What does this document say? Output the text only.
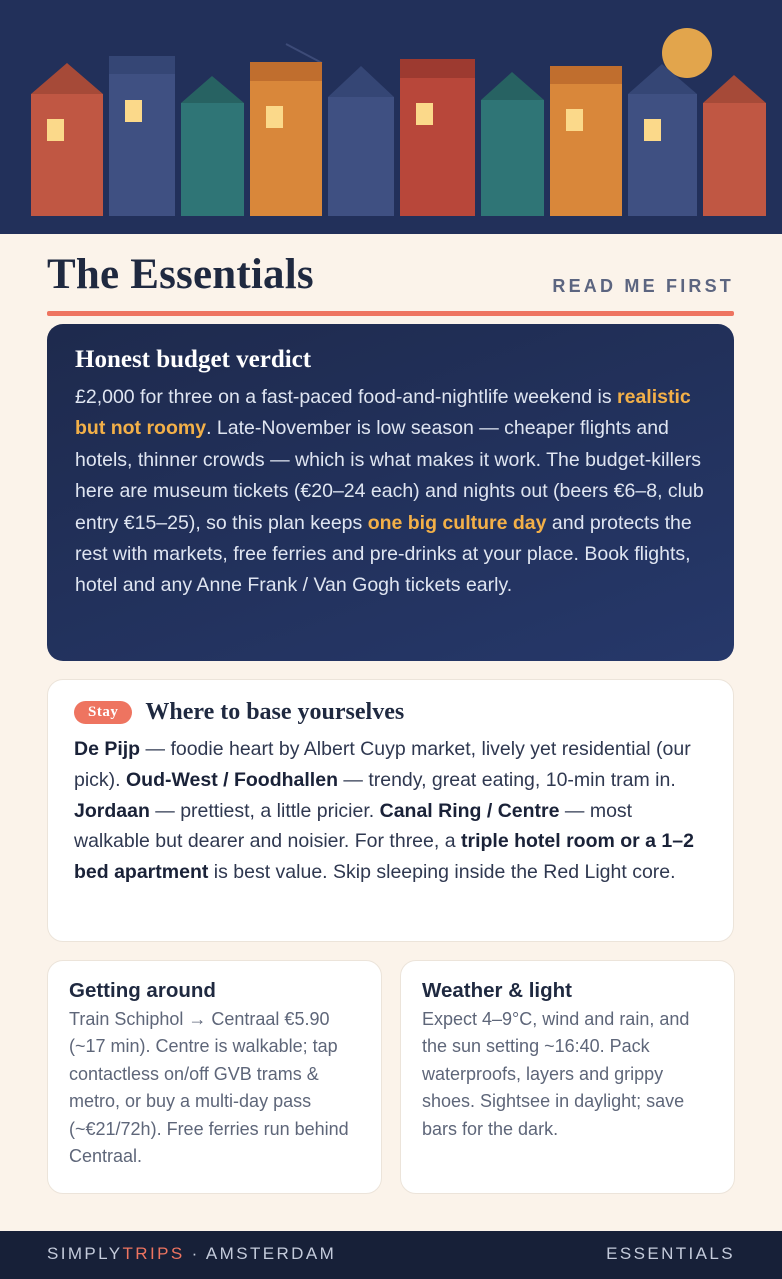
The Essentials	READ ME FIRST
Honest budget verdict

£2,000 for three on a fast-paced food-and-nightlife weekend is realistic but not roomy. Late-November is low season — cheaper flights and hotels, thinner crowds — which is what makes it work. The budget-killers here are museum tickets (€20–24 each) and nights out (beers €6–8, club entry €15–25), so this plan keeps one big culture day and protects the rest with markets, free ferries and pre-drinks at your place. Book flights, hotel and any Anne Frank / Van Gogh tickets early.

Stay	Where to base yourselves

De Pijp — foodie heart by Albert Cuyp market, lively yet residential (our pick). Oud-West / Foodhallen — trendy, great eating, 10-min tram in. Jordaan — prettiest, a little pricier. Canal Ring / Centre — most walkable but dearer and noisier. For three, a triple hotel room or a 1–2 bed apartment is best value. Skip sleeping inside the Red Light core.

Getting around

Train Schiphol → Centraal €5.90 (~17 min). Centre is walkable; tap contactless on/off GVB trams & metro, or buy a multi-day pass (~€21/72h). Free ferries run behind Centraal.

Weather & light

Expect 4–9°C, wind and rain, and the sun setting ~16:40. Pack waterproofs, layers and grippy shoes. Sightsee in daylight; save bars for the dark.

SIMPLYTRIPS · AMSTERDAM	ESSENTIALS
